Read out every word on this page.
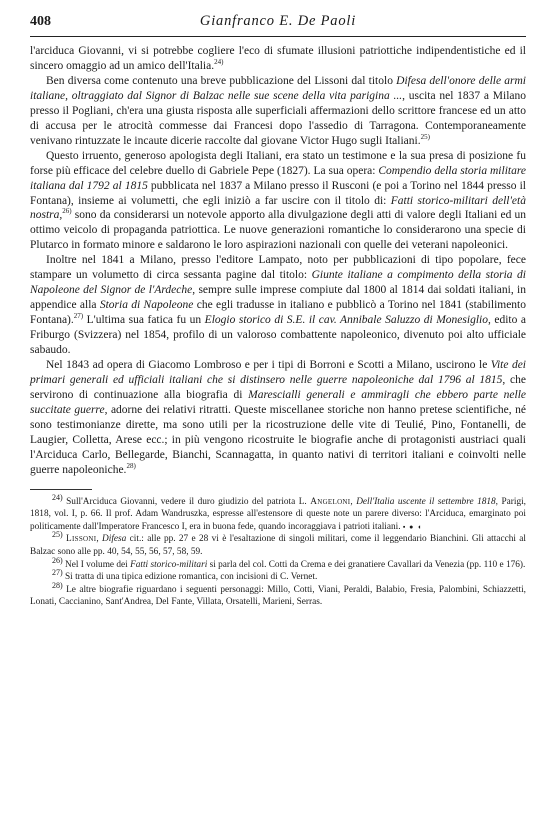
408	Gianfranco E. De Paoli

l'arciduca Giovanni, vi si potrebbe cogliere l'eco di sfumate illusioni patriottiche indipendentistiche ed il sincero omaggio ad un amico dell'Italia.$^{24)}$

Ben diversa come contenuto una breve pubblicazione del Lissoni dal titolo Difesa dell'onore delle armi italiane, oltraggiato dal Signor di Balzac nelle sue scene della vita parigina ..., uscita nel 1837 a Milano presso il Pogliani, ch'era una giusta risposta alle superficiali affermazioni dello scrittore francese ed un atto di accusa per le atrocità commesse dai Francesi dopo l'assedio di Tarragona. Contemporaneamente venivano rintuzzate le incaute dicerie raccolte dal giovane Victor Hugo sugli Italiani.$^{25)}$

Questo irruento, generoso apologista degli Italiani, era stato un testimone e la sua presa di posizione fu forse più efficace del celebre duello di Gabriele Pepe (1827). La sua opera: Compendio della storia militare italiana dal 1792 al 1815 pubblicata nel 1837 a Milano presso il Rusconi (e poi a Torino nel 1844 presso il Fontana), insieme ai volumetti, che egli iniziò a far uscire con il titolo di: Fatti storico-militari dell'età nostra,$^{26)}$ sono da considerarsi un notevole apporto alla divulgazione degli atti di valore degli Italiani ed un ottimo veicolo di propaganda patriottica. Le nuove generazioni romantiche lo considerarono una specie di Plutarco in formato minore e saldarono le loro aspirazioni nazionali con quelle dei veterani napoleonici.

Inoltre nel 1841 a Milano, presso l'editore Lampato, noto per pubblicazioni di tipo popolare, fece stampare un volumetto di circa sessanta pagine dal titolo: Giunte italiane a compimento della storia di Napoleone del Signor de l'Ardeche, sempre sulle imprese compiute dal 1800 al 1814 dai soldati italiani, in appendice alla Storia di Napoleone che egli tradusse in italiano e pubblicò a Torino nel 1841 (stabilimento Fontana).$^{27)}$ L'ultima sua fatica fu un Elogio storico di S.E. il cav. Annibale Saluzzo di Monesiglio, edito a Friburgo (Svizzera) nel 1854, profilo di un valoroso combattente napoleonico, divenuto poi alto ufficiale sabaudo.

Nel 1843 ad opera di Giacomo Lombroso e per i tipi di Borroni e Scotti a Milano, uscirono le Vite dei primari generali ed ufficiali italiani che si distinsero nelle guerre napoleoniche dal 1796 al 1815, che servirono di continuazione alla biografia di Marescialli generali e ammiragli che ebbero parte nelle succitate guerre, adorne dei relativi ritratti. Queste miscellanee storiche non hanno pretese scientifiche, né sono testimonianze dirette, ma sono utili per la ricostruzione delle vite di Teulié, Pino, Fontanelli, de Laugier, Colletta, Arese ecc.; in più vengono ricostruite le biografie anche di protagonisti austriaci quali l'Arciduca Carlo, Bellegarde, Bianchi, Scannagatta, in quanto nativi di territori italiani e coinvolti nelle guerre napoleoniche.$^{28)}$

24) Sull'Arciduca Giovanni, vedere il duro giudizio del patriota L. Angeloni, Dell'Italia uscente il settembre 1818, Parigi, 1818, vol. I, p. 66. Il prof. Adam Wandruszka, espresse all'estensore di queste note un parere diverso: l'Arciduca, emarginato poi politicamente dall'Imperatore Francesco I, era in buona fede, quando incoraggiava i patrioti italiani. ▪ ● ◖

25) Lissoni, Difesa cit.: alle pp. 27 e 28 vi è l'esaltazione di singoli militari, come il leggendario Bianchini. Gli attacchi al Balzac sono alle pp. 40, 54, 55, 56, 57, 58, 59.

26) Nel I volume dei Fatti storico-militari si parla del col. Cotti da Crema e dei granatiere Cavallari da Venezia (pp. 110 e 176).

27) Si tratta di una tipica edizione romantica, con incisioni di C. Vernet.

28) Le altre biografie riguardano i seguenti personaggi: Millo, Cotti, Viani, Peraldi, Balabio, Fresia, Palombini, Schiazzetti, Lonati, Caccianino, Sant'Andrea, Del Fante, Villata, Orsatelli, Marieni, Serras.
